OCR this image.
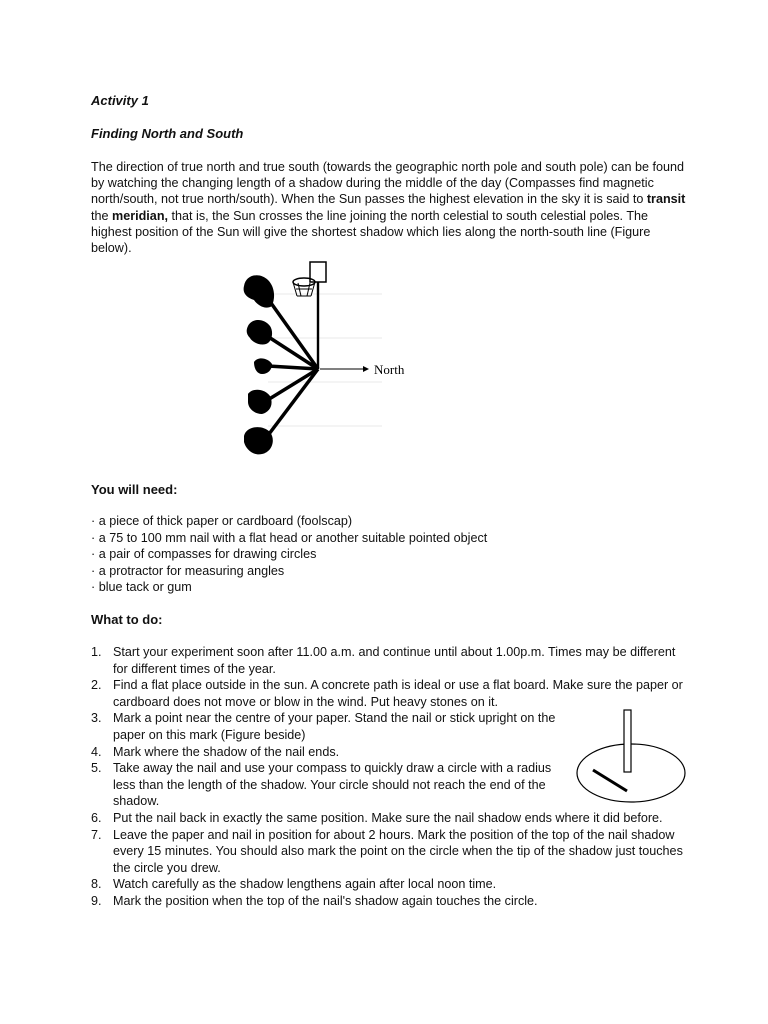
Activity 1
Finding North and South
The direction of true north and true south (towards the geographic north pole and south pole) can be found by watching the changing length of a shadow during the middle of the day (Compasses find magnetic north/south, not true north/south). When the Sun passes the highest elevation in the sky it is said to transit the meridian, that is, the Sun crosses the line joining the north celestial to south celestial poles. The highest position of the Sun will give the shortest shadow which lies along the north-south line (Figure below).
North
You will need:
· a piece of thick paper or cardboard (foolscap)
· a 75 to 100 mm nail with a flat head or another suitable pointed object
· a pair of compasses for drawing circles
· a protractor for measuring angles
· blue tack or gum
What to do:
1. Start your experiment soon after 11.00 a.m. and continue until about 1.00p.m. Times may be different for different times of the year.
2. Find a flat place outside in the sun. A concrete path is ideal or use a flat board. Make sure the paper or cardboard does not move or blow in the wind. Put heavy stones on it.
3. Mark a point near the centre of your paper. Stand the nail or stick upright on the paper on this mark (Figure beside)
4. Mark where the shadow of the nail ends.
5. Take away the nail and use your compass to quickly draw a circle with a radius less than the length of the shadow. Your circle should not reach the end of the shadow.
6. Put the nail back in exactly the same position. Make sure the nail shadow ends where it did before.
7. Leave the paper and nail in position for about 2 hours. Mark the position of the top of the nail shadow every 15 minutes. You should also mark the point on the circle when the tip of the shadow just touches the circle you drew.
8. Watch carefully as the shadow lengthens again after local noon time.
9. Mark the position when the top of the nail's shadow again touches the circle.
